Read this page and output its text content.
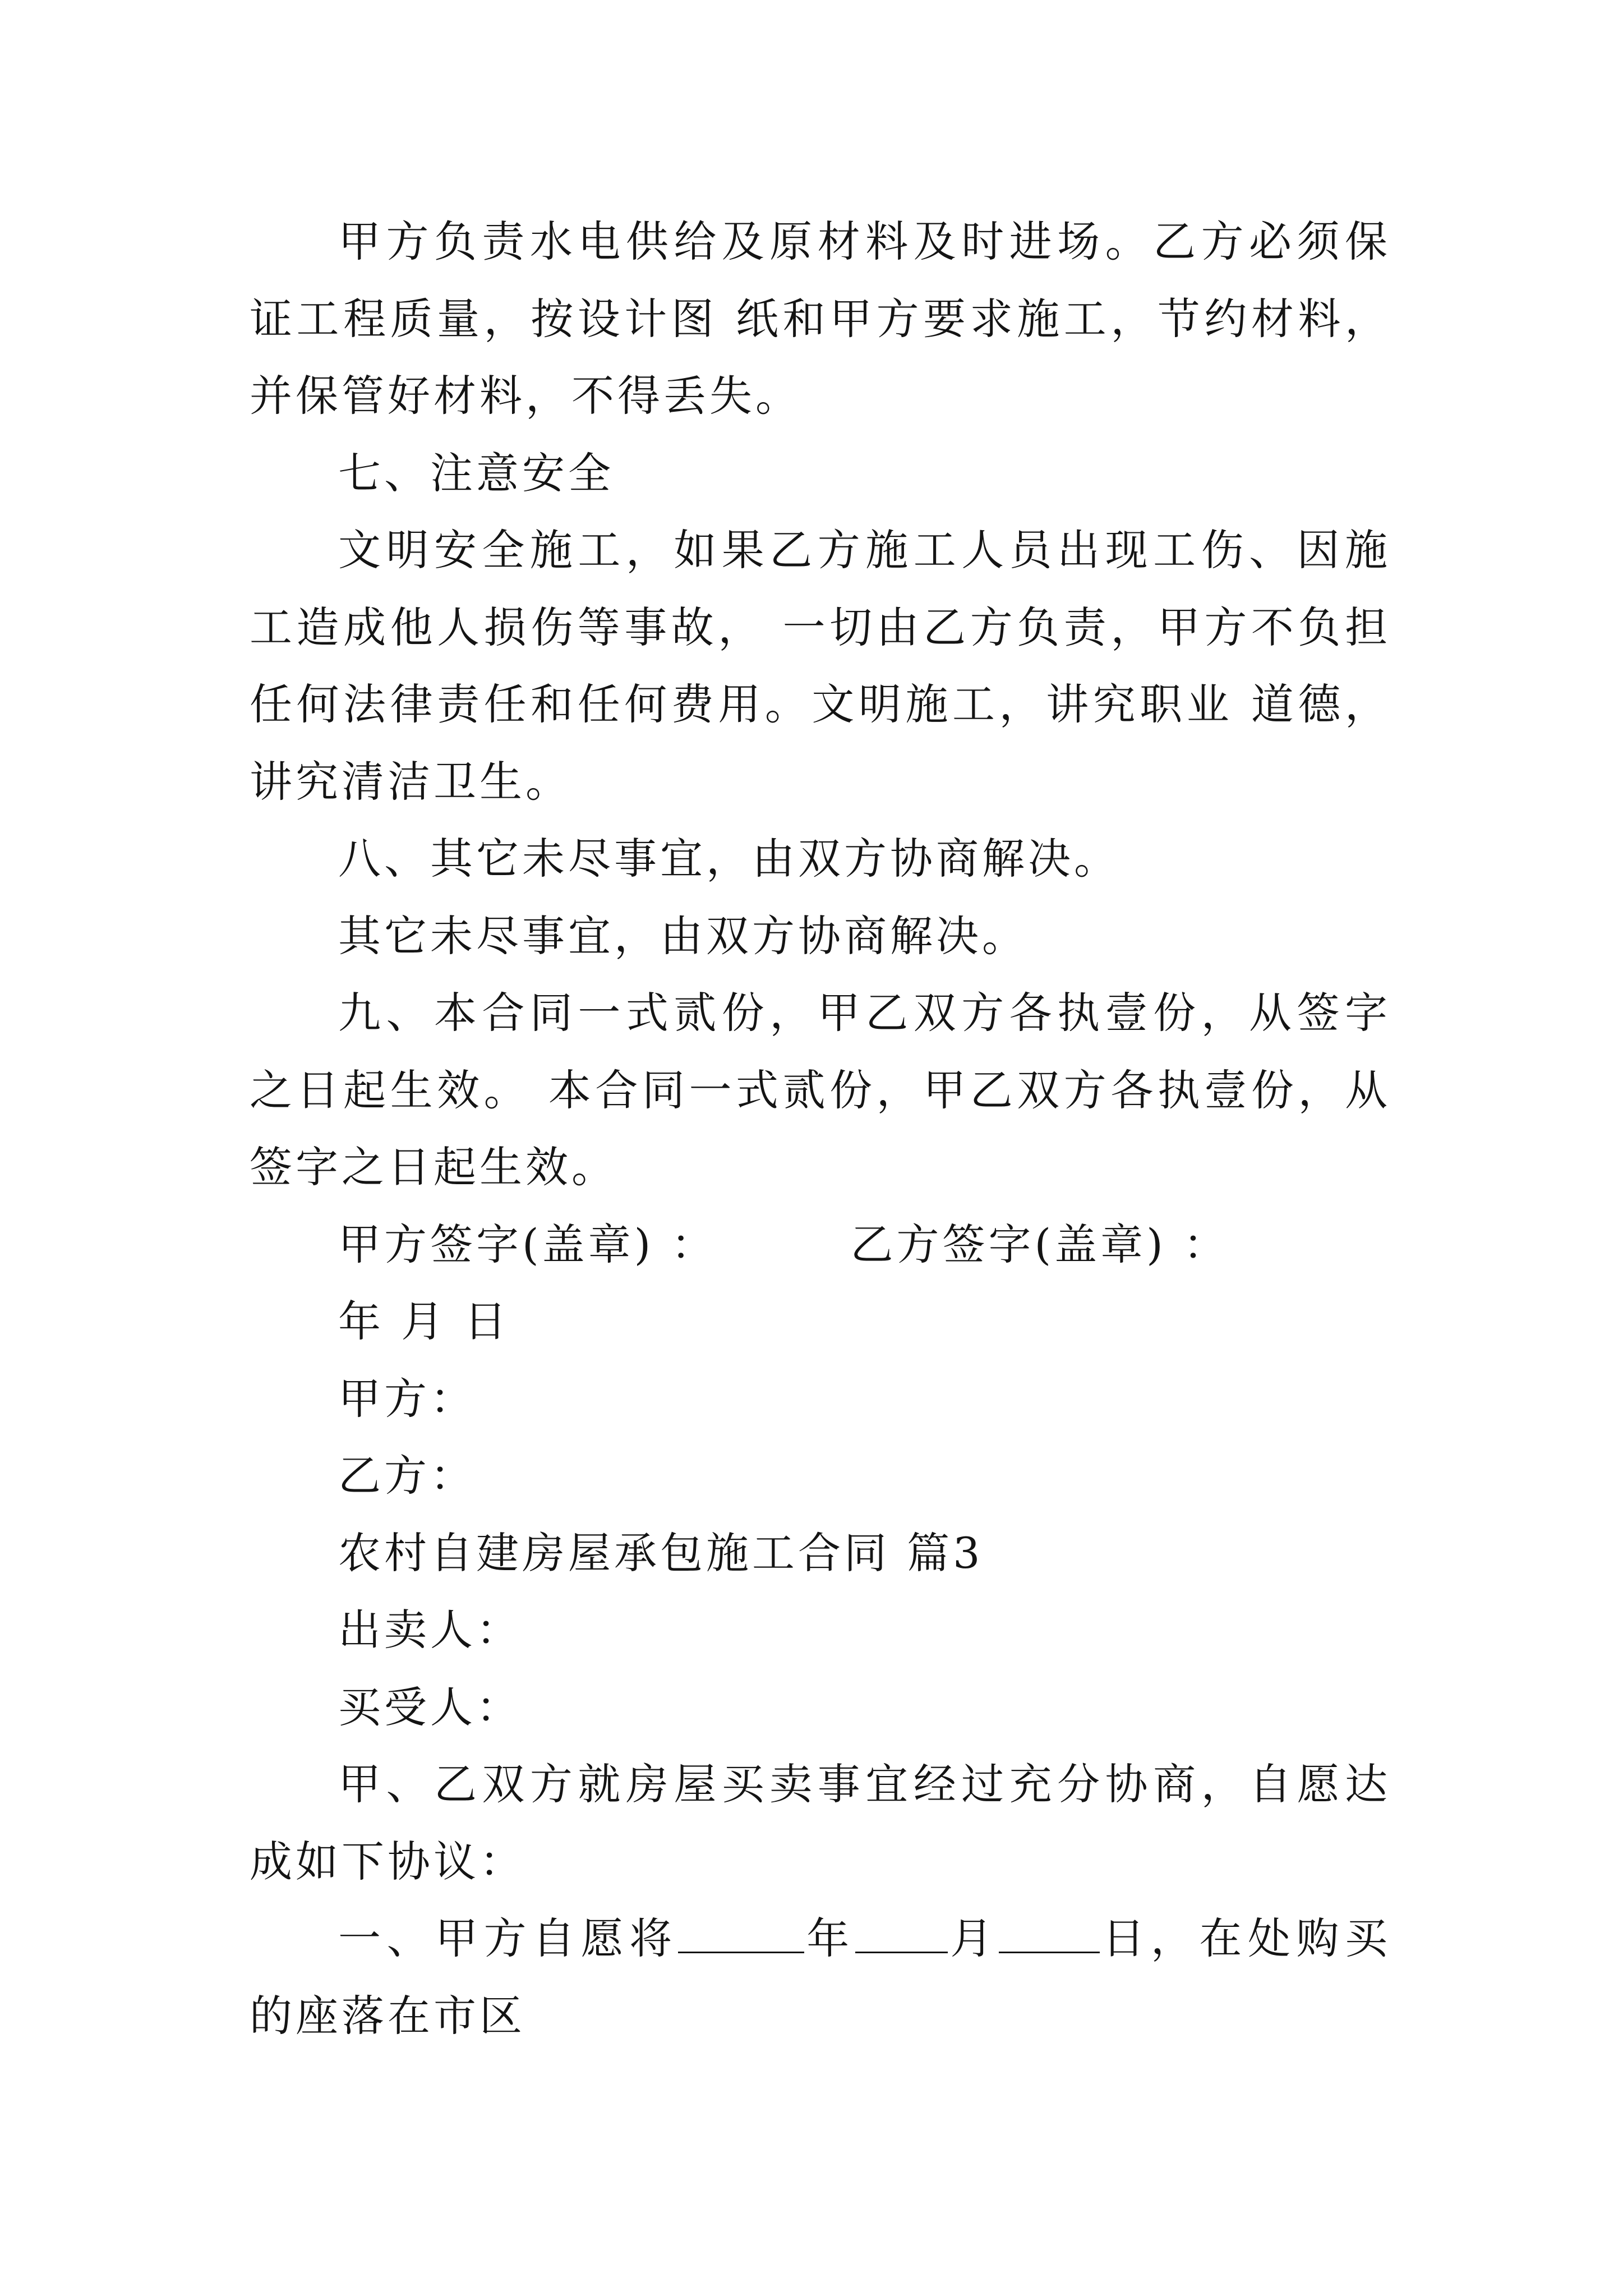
甲方负责水电供给及原材料及时进场。乙方必须保证工程质量，按设计图 纸和甲方要求施工，节约材料，并保管好材料，不得丢失。

七、注意安全

文明安全施工，如果乙方施工人员出现工伤、因施工造成他人损伤等事故， 一切由乙方负责，甲方不负担任何法律责任和任何费用。文明施工，讲究职业 道德，讲究清洁卫生。

八、其它未尽事宜，由双方协商解决。

其它未尽事宜，由双方协商解决。

九、本合同一式贰份，甲乙双方各执壹份，从签字之日起生效。 本合同一式贰份，甲乙双方各执壹份，从签字之日起生效。

甲方签字(盖章) ：	乙方签字(盖章) ：

年 月 日

甲方：

乙方：

农村自建房屋承包施工合同 篇3

出卖人：

买受人：

甲、乙双方就房屋买卖事宜经过充分协商，自愿达成如下协议：

一、甲方自愿将	年 月 日，在处购买的座落在市区
